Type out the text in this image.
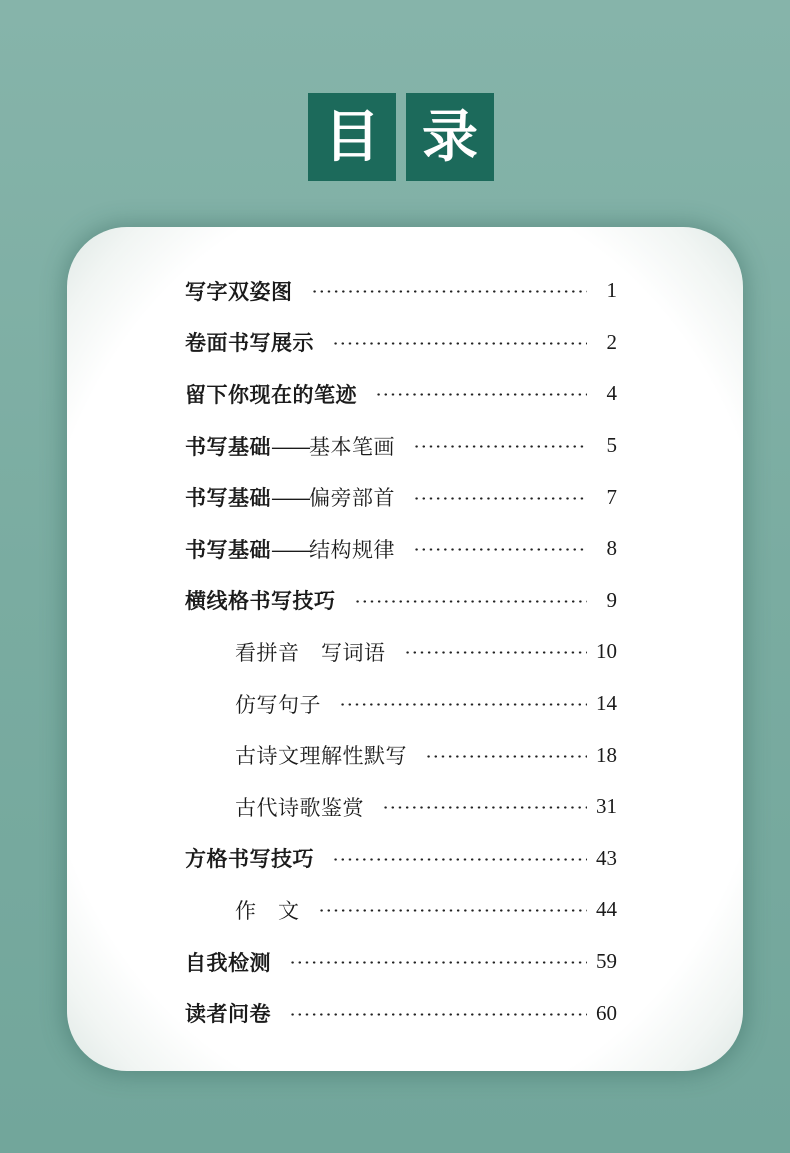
目 录
写字双姿图	1
卷面书写展示	2
留下你现在的笔迹	4
书写基础——基本笔画	5
书写基础——偏旁部首	7
书写基础——结构规律	8
横线格书写技巧	9
看拼音　写词语	10
仿写句子	14
古诗文理解性默写	18
古代诗歌鉴赏	31
方格书写技巧	43
作　文	44
自我检测	59
读者问卷	60
